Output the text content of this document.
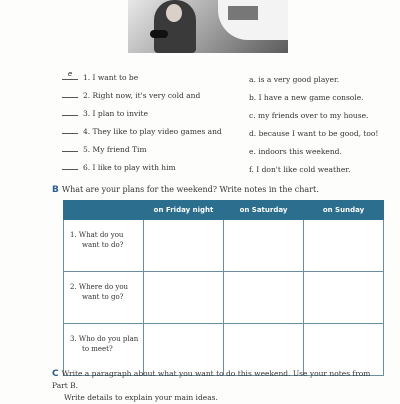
e	1. I want to be	a. is a very good player.
2. Right now, it's very cold and	b. I have a new game console.
3. I plan to invite	c. my friends over to my house.
4. They like to play video games and	d. because I want to be good, too!
5. My friend Tim	e. indoors this weekend.
6. I like to play with him	f. I don't like cold weather.
B What are your plans for the weekend? Write notes in the chart.
	on Friday night	on Saturday	on Sunday
1. What do you
want to do?			
2. Where do you
want to go?			
3. Who do you plan
to meet?			
C Write a paragraph about what you want to do this weekend. Use your notes from Part B.
Write details to explain your main ideas.
